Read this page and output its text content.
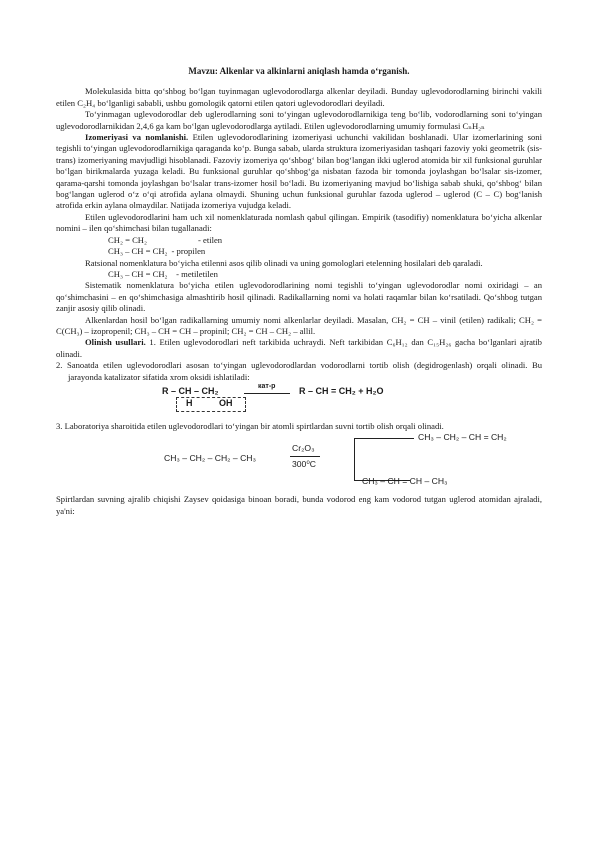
Mavzu: Alkenlar va alkinlarni aniqlash hamda oʻrganish.

Molekulasida bitta qoʻshbog boʻlgan tuyinmagan uglevodorodlarga alkenlar deyiladi. Bunday uglevodorodlarning birinchi vakili etilen C₂H₄ boʻlganligi sababli, ushbu gomologik qatorni etilen qatori uglevodorodlari deyiladi.

Toʻyinmagan uglevodorodlar deb uglerodlarning soni toʻyingan uglevodorodlarnikiga teng boʻlib, vodorodlarning soni toʻyingan uglevodorodlarnikidan 2,4,6 ga kam boʻlgan uglevodorodlarga aytiladi. Etilen uglevodorodlarning umumiy formulasi CₙH₂ₙ

Izomeriyasi va nomlanishi. Etilen uglevodorodlarining izomeriyasi uchunchi vakilidan boshlanadi. Ular izomerlarining soni tegishli toʻyingan uglevodorodlarnikiga qaraganda koʻp. Bunga sabab, ularda struktura izomeriyasidan tashqari fazoviy yoki geometrik (sis-trans) izomeriyaning mavjudligi hisoblanadi. Fazoviy izomeriya qoʻshbogʻ bilan bogʻlangan ikki uglerod atomida bir xil funksional guruhlar boʻlgan birikmalarda yuzaga keladi. Bu funksional guruhlar qoʻshbogʻga nisbatan fazoda bir tomonda joylashgan boʻlsalar sis-izomer, qarama-qarshi tomonda joylashgan boʻlsalar trans-izomer hosil boʻladi. Bu izomeriyaning mavjud boʻlishiga sabab shuki, qoʻshbogʻ bilan bogʻlangan uglerod oʻz oʻqi atrofida aylana olmaydi. Shuning uchun funksional guruhlar fazoda uglerod – uglerod (C – C) bogʻlanish atrofida erkin aylana olmaydilar. Natijada izomeriya vujudga keladi.

Etilen uglevodorodlarini ham uch xil nomenklaturada nomlash qabul qilingan. Empirik (tasodifiy) nomenklatura boʻyicha alkenlar nomini – ilen qoʻshimchasi bilan tugallanadi:

CH₂ = CH₂	- etilen

CH₃ – CH = CH₂ - propilen

Ratsional nomenklatura boʻyicha etilenni asos qilib olinadi va uning gomologlari etelenning hosilalari deb qaraladi.

CH₃ – CH = CH₂    - metiletilen

Sistematik nomenklatura boʻyicha etilen uglevodorodlarining nomi tegishli toʻyingan uglevodorodlar nomi oxiridagi – an qoʻshimchasini – en qoʻshimchasiga almashtirib hosil qilinadi. Radikallarning nomi va holati raqamlar bilan koʻrsatiladi. Qoʻshbog tutgan zanjir asosiy qilib olinadi.

Alkenlardan hosil boʻlgan radikallarning umumiy nomi alkenlarlar deyiladi. Masalan, CH₂ = CH – vinil (etilen) radikali; CH₂ = C(CH₃) – izopropenil; CH₃ – CH = CH – propinil; CH₂ = CH – CH₂ – allil.

Olinish usullari. 1. Etilen uglevodorodlari neft tarkibida uchraydi. Neft tarkibidan C₆H₁₂ dan C₁₅H₂₆ gacha boʻlganlari ajratib olinadi.

2. Sanoatda etilen uglevodorodlari asosan toʻyingan uglevodorodlardan vodorodlarni tortib olish (degidrogenlash) orqali olinadi. Bu jarayonda katalizator sifatida xrom oksidi ishlatiladi:

R – CH – CH₂	кат-р	R – CH = CH₂ + H₂O
H	OH

3. Laboratoriya sharoitida etilen uglevodorodlari toʻyingan bir atomli spirtlardan suvni tortib olish orqali olinadi.

CH₃ – CH₂ – CH = CH₂
CH₃ – CH₂ – CH₂ – CH₃
Cr₂O₃
300⁰C
CH₃ – CH = CH – CH₃

Spirtlardan suvning ajralib chiqishi Zaysev qoidasiga binoan boradi, bunda vodorod eng kam vodorod tutgan uglerod atomidan ajraladi, ya'ni:
